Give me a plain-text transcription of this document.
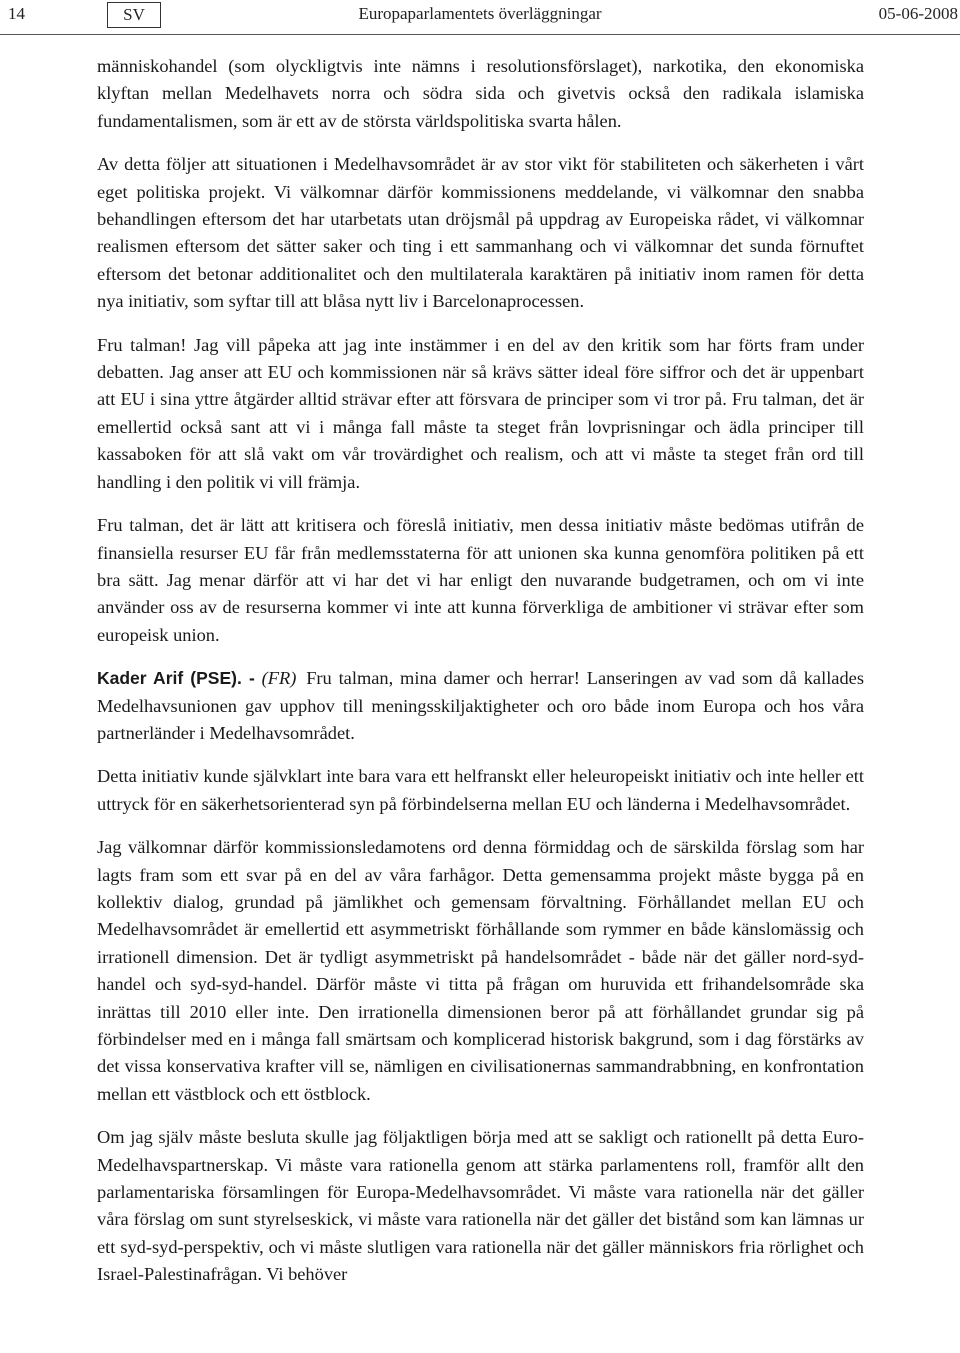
14	SV	Europaparlamentets överläggningar	05-06-2008

människohandel (som olyckligtvis inte nämns i resolutionsförslaget), narkotika, den ekonomiska klyftan mellan Medelhavets norra och södra sida och givetvis också den radikala islamiska fundamentalismen, som är ett av de största världspolitiska svarta hålen.

Av detta följer att situationen i Medelhavsområdet är av stor vikt för stabiliteten och säkerheten i vårt eget politiska projekt. Vi välkomnar därför kommissionens meddelande, vi välkomnar den snabba behandlingen eftersom det har utarbetats utan dröjsmål på uppdrag av Europeiska rådet, vi välkomnar realismen eftersom det sätter saker och ting i ett sammanhang och vi välkomnar det sunda förnuftet eftersom det betonar additionalitet och den multilaterala karaktären på initiativ inom ramen för detta nya initiativ, som syftar till att blåsa nytt liv i Barcelonaprocessen.

Fru talman! Jag vill påpeka att jag inte instämmer i en del av den kritik som har förts fram under debatten. Jag anser att EU och kommissionen när så krävs sätter ideal före siffror och det är uppenbart att EU i sina yttre åtgärder alltid strävar efter att försvara de principer som vi tror på. Fru talman, det är emellertid också sant att vi i många fall måste ta steget från lovprisningar och ädla principer till kassaboken för att slå vakt om vår trovärdighet och realism, och att vi måste ta steget från ord till handling i den politik vi vill främja.

Fru talman, det är lätt att kritisera och föreslå initiativ, men dessa initiativ måste bedömas utifrån de finansiella resurser EU får från medlemsstaterna för att unionen ska kunna genomföra politiken på ett bra sätt. Jag menar därför att vi har det vi har enligt den nuvarande budgetramen, och om vi inte använder oss av de resurserna kommer vi inte att kunna förverkliga de ambitioner vi strävar efter som europeisk union.

Kader Arif (PSE). - (FR) Fru talman, mina damer och herrar! Lanseringen av vad som då kallades Medelhavsunionen gav upphov till meningsskiljaktigheter och oro både inom Europa och hos våra partnerländer i Medelhavsområdet.

Detta initiativ kunde självklart inte bara vara ett helfranskt eller heleuropeiskt initiativ och inte heller ett uttryck för en säkerhetsorienterad syn på förbindelserna mellan EU och länderna i Medelhavsområdet.

Jag välkomnar därför kommissionsledamotens ord denna förmiddag och de särskilda förslag som har lagts fram som ett svar på en del av våra farhågor. Detta gemensamma projekt måste bygga på en kollektiv dialog, grundad på jämlikhet och gemensam förvaltning. Förhållandet mellan EU och Medelhavsområdet är emellertid ett asymmetriskt förhållande som rymmer en både känslomässig och irrationell dimension. Det är tydligt asymmetriskt på handelsområdet - både när det gäller nord-syd-handel och syd-syd-handel. Därför måste vi titta på frågan om huruvida ett frihandelsområde ska inrättas till 2010 eller inte. Den irrationella dimensionen beror på att förhållandet grundar sig på förbindelser med en i många fall smärtsam och komplicerad historisk bakgrund, som i dag förstärks av det vissa konservativa krafter vill se, nämligen en civilisationernas sammandrabbning, en konfrontation mellan ett västblock och ett östblock.

Om jag själv måste besluta skulle jag följaktligen börja med att se sakligt och rationellt på detta Euro-Medelhavspartnerskap. Vi måste vara rationella genom att stärka parlamentens roll, framför allt den parlamentariska församlingen för Europa-Medelhavsområdet. Vi måste vara rationella när det gäller våra förslag om sunt styrelseskick, vi måste vara rationella när det gäller det bistånd som kan lämnas ur ett syd-syd-perspektiv, och vi måste slutligen vara rationella när det gäller människors fria rörlighet och Israel-Palestinafrågan. Vi behöver
